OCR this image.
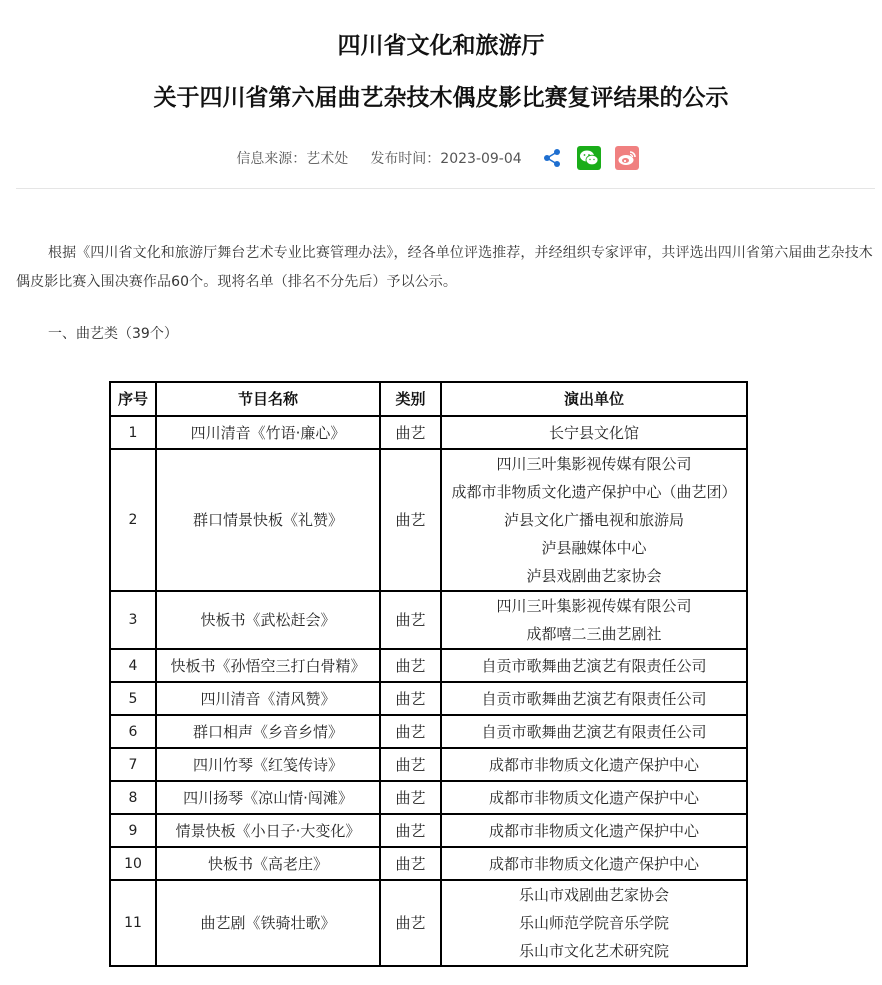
四川省文化和旅游厅
关于四川省第六届曲艺杂技木偶皮影比赛复评结果的公示
信息来源：艺术处 发布时间：2023-09-04

根据《四川省文化和旅游厅舞台艺术专业比赛管理办法》，经各单位评选推荐，并经组织专家评审，共评选出四川省第六届曲艺杂技木偶皮影比赛入围决赛作品60个。现将名单（排名不分先后）予以公示。

一、曲艺类（39个）
序号	节目名称	类别	演出单位
1	四川清音《竹语·廉心》	曲艺	长宁县文化馆

2	群口情景快板《礼赞》	曲艺	四川三叶集影视传媒有限公司
成都市非物质文化遗产保护中心（曲艺团）
泸县文化广播电视和旅游局
泸县融媒体中心
泸县戏剧曲艺家协会

3	快板书《武松赶会》	曲艺	四川三叶集影视传媒有限公司
成都嘻二三曲艺剧社

4	快板书《孙悟空三打白骨精》	曲艺	自贡市歌舞曲艺演艺有限责任公司

5	四川清音《清风赞》	曲艺	自贡市歌舞曲艺演艺有限责任公司

6	群口相声《乡音乡情》	曲艺	自贡市歌舞曲艺演艺有限责任公司

7	四川竹琴《红笺传诗》	曲艺	成都市非物质文化遗产保护中心

8	四川扬琴《凉山情·闯滩》	曲艺	成都市非物质文化遗产保护中心

9	情景快板《小日子·大变化》	曲艺	成都市非物质文化遗产保护中心

10	快板书《高老庄》	曲艺	成都市非物质文化遗产保护中心

11	曲艺剧《铁骑壮歌》	曲艺	乐山市戏剧曲艺家协会
乐山师范学院音乐学院
乐山市文化艺术研究院
